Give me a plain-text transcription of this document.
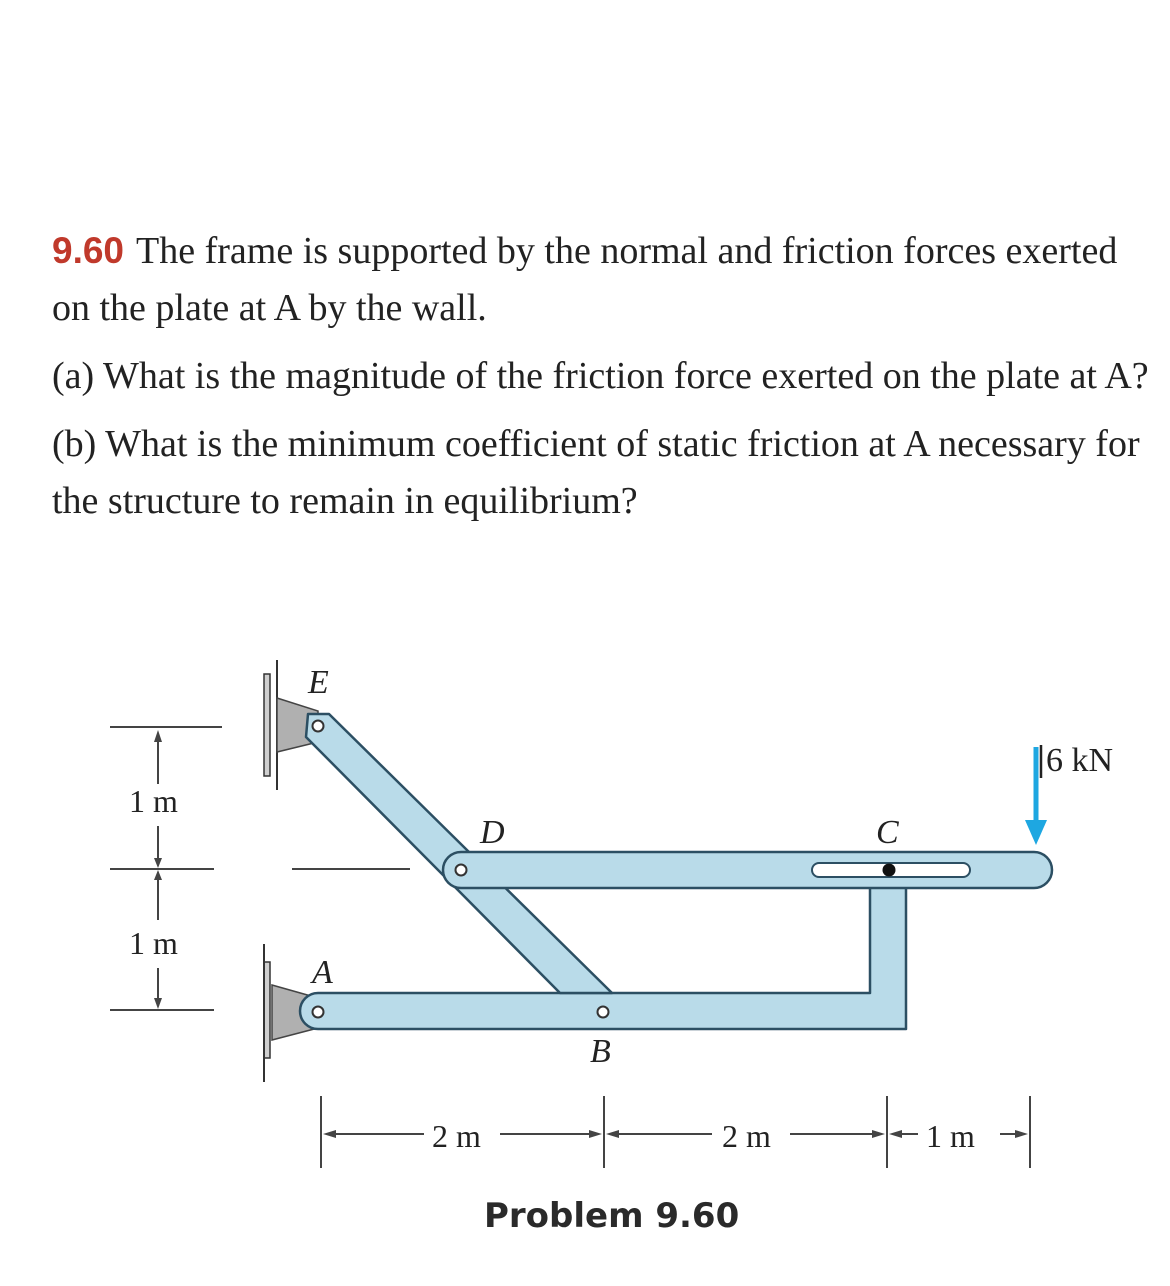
9.60 The frame is supported by the normal and friction forces exerted on the plate at A by the wall.

(a) What is the magnitude of the friction force exerted on the plate at A?

(b) What is the minimum coefficient of static friction at A necessary for the structure to remain in equilibrium?

E
D	C
A
B
6 kN
1 m
1 m
2 m	2 m	1 m
Problem 9.60
